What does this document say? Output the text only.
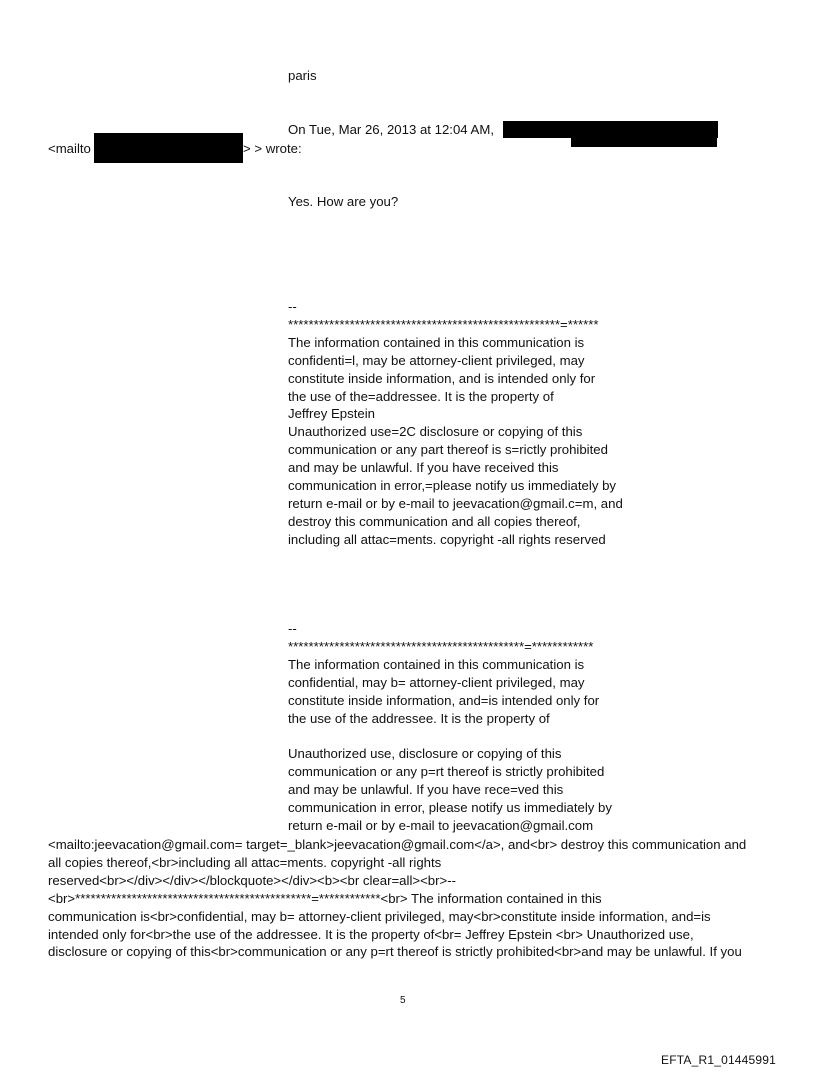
paris
On Tue, Mar 26, 2013 at 12:04 AM,
<mailto	> > wrote:
Yes. How are you?
--
*****************************************************=******
The information contained in this communication is
confidenti=l, may be attorney-client privileged, may
constitute inside information, and is intended only for
the use of the=addressee. It is the property of
Jeffrey Epstein
Unauthorized use=2C disclosure or copying of this
communication or any part thereof is s=rictly prohibited
and may be unlawful. If you have received this
communication in error,=please notify us immediately by
return e-mail or by e-mail to jeevacation@gmail.c=m, and
destroy this communication and all copies thereof,
including all attac=ments. copyright -all rights reserved
--
**********************************************=************
The information contained in this communication is
confidential, may b= attorney-client privileged, may
constitute inside information, and=is intended only for
the use of the addressee. It is the property of
Unauthorized use, disclosure or copying of this
communication or any p=rt thereof is strictly prohibited
and may be unlawful. If you have rece=ved this
communication in error, please notify us immediately by
return e-mail or by e-mail to jeevacation@gmail.com
<mailto:jeevacation@gmail.com= target=_blank>jeevacation@gmail.com</a>, and<br> destroy this communication and
all copies thereof,<br>including all attac=ments. copyright -all rights
reserved<br></div></div></blockquote></div><b><br clear=all><br>--
<br>**********************************************=************<br> The information contained in this
communication is<br>confidential, may b= attorney-client privileged, may<br>constitute inside information, and=is
intended only for<br>the use of the addressee. It is the property of<br= Jeffrey Epstein <br> Unauthorized use,
disclosure or copying of this<br>communication or any p=rt thereof is strictly prohibited<br>and may be unlawful. If you
5
EFTA_R1_01445991
